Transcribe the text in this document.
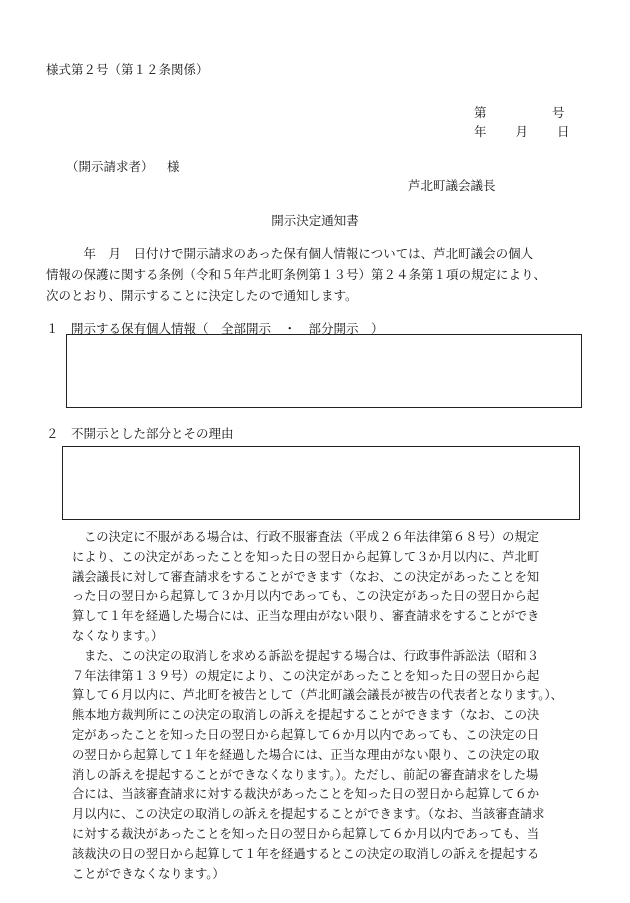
様式第２号（第１２条関係）
第	号
年 月 日
（開示請求者） 様
芦北町議会議長
開示決定通知書
　　　年　月　日付けで開示請求のあった保有個人情報については、芦北町議会の個人
情報の保護に関する条例（令和５年芦北町条例第１３号）第２４条第１項の規定により、
次のとおり、開示することに決定したので通知します。
１　開示する保有個人情報（　全部開示　・　部分開示　）
２　不開示とした部分とその理由
この決定に不服がある場合は、行政不服審査法（平成２６年法律第６８号）の規定
により、この決定があったことを知った日の翌日から起算して３か月以内に、芦北町
議会議長に対して審査請求をすることができます（なお、この決定があったことを知
った日の翌日から起算して３か月以内であっても、この決定があった日の翌日から起
算して１年を経過した場合には、正当な理由がない限り、審査請求をすることができ
なくなります。）
また、この決定の取消しを求める訴訟を提起する場合は、行政事件訴訟法（昭和３
７年法律第１３９号）の規定により、この決定があったことを知った日の翌日から起
算して６月以内に、芦北町を被告として（芦北町議会議長が被告の代表者となります。）、
熊本地方裁判所にこの決定の取消しの訴えを提起することができます（なお、この決
定があったことを知った日の翌日から起算して６か月以内であっても、この決定の日
の翌日から起算して１年を経過した場合には、正当な理由がない限り、この決定の取
消しの訴えを提起することができなくなります。）。ただし、前記の審査請求をした場
合には、当該審査請求に対する裁決があったことを知った日の翌日から起算して６か
月以内に、この決定の取消しの訴えを提起することができます。（なお、当該審査請求
に対する裁決があったことを知った日の翌日から起算して６か月以内であっても、当
該裁決の日の翌日から起算して１年を経過するとこの決定の取消しの訴えを提起する
ことができなくなります。）
